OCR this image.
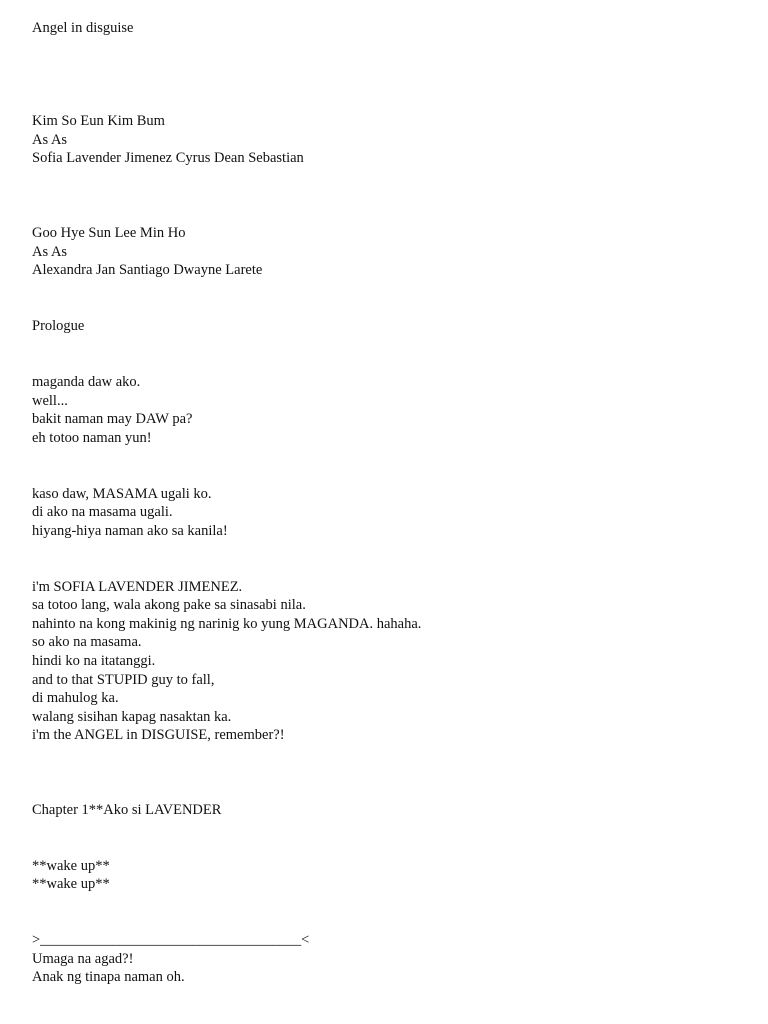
Angel in disguise
Kim So Eun Kim Bum
As As
Sofia Lavender Jimenez Cyrus Dean Sebastian
Goo Hye Sun Lee Min Ho
As As
Alexandra Jan Santiago Dwayne Larete
Prologue
maganda daw ako.
well...
bakit naman may DAW pa?
eh totoo naman yun!
kaso daw, MASAMA ugali ko.
di ako na masama ugali.
hiyang-hiya naman ako sa kanila!
i'm SOFIA LAVENDER JIMENEZ.
sa totoo lang, wala akong pake sa sinasabi nila.
nahinto na kong makinig ng narinig ko yung MAGANDA. hahaha.
so ako na masama.
hindi ko na itatanggi.
and to that STUPID guy to fall,
di mahulog ka.
walang sisihan kapag nasaktan ka.
i'm the ANGEL in DISGUISE, remember?!
Chapter 1**Ako si LAVENDER
**wake up**
**wake up**
>____________________________________<
Umaga na agad?!
Anak ng tinapa naman oh.
